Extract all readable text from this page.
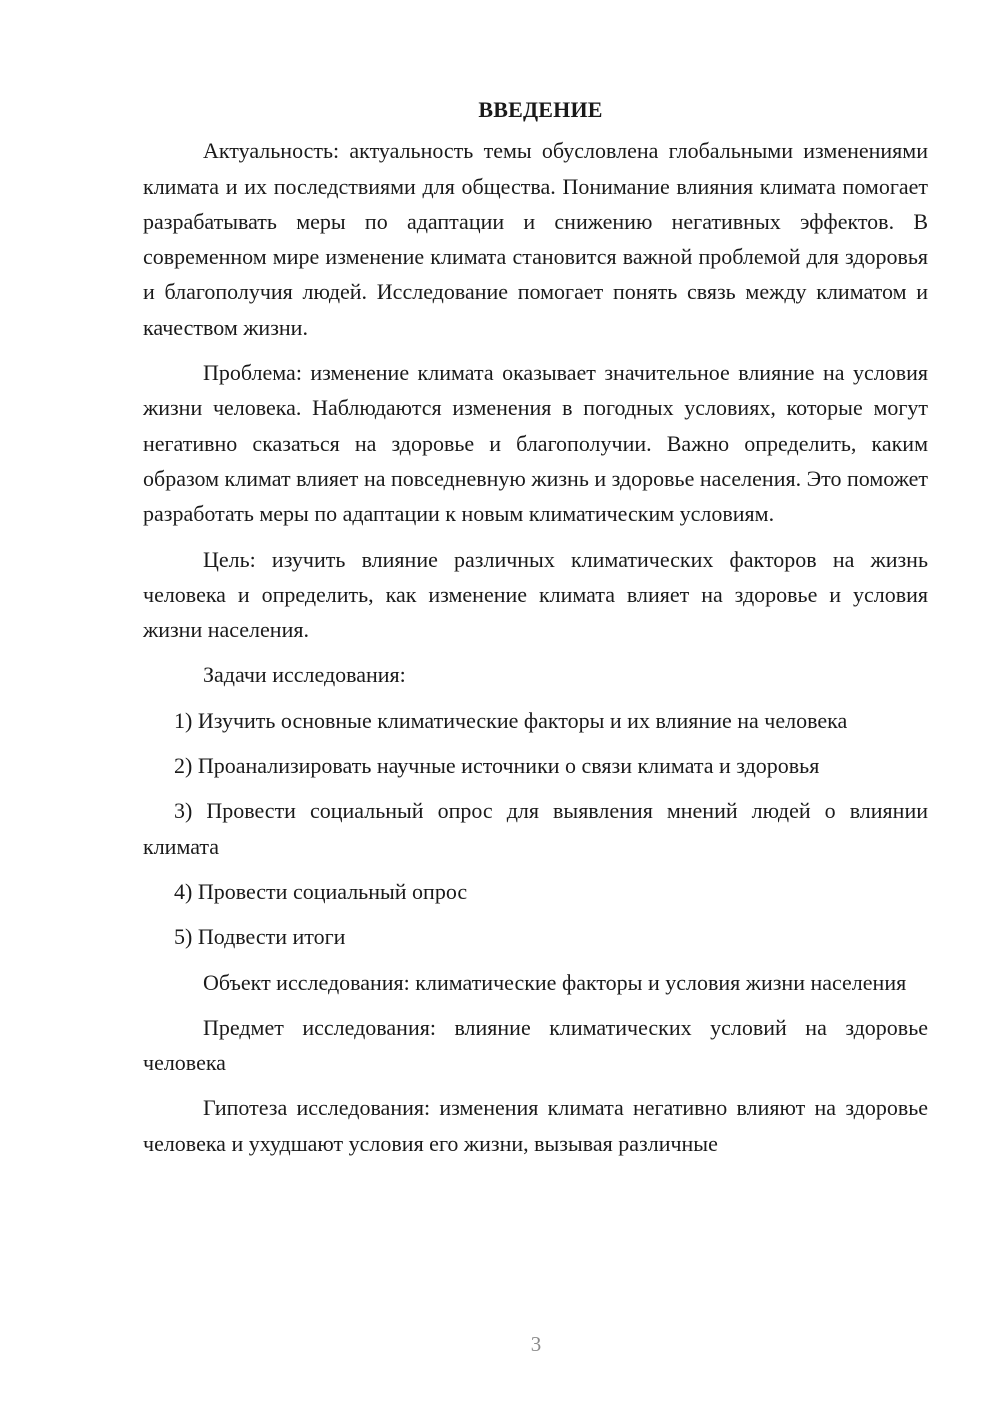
ВВЕДЕНИЕ

Актуальность: актуальность темы обусловлена глобальными изменениями климата и их последствиями для общества. Понимание влияния климата помогает разрабатывать меры по адаптации и снижению негативных эффектов. В современном мире изменение климата становится важной проблемой для здоровья и благополучия людей. Исследование помогает понять связь между климатом и качеством жизни.

Проблема: изменение климата оказывает значительное влияние на условия жизни человека. Наблюдаются изменения в погодных условиях, которые могут негативно сказаться на здоровье и благополучии. Важно определить, каким образом климат влияет на повседневную жизнь и здоровье населения. Это поможет разработать меры по адаптации к новым климатическим условиям.

Цель: изучить влияние различных климатических факторов на жизнь человека и определить, как изменение климата влияет на здоровье и условия жизни населения.

Задачи исследования:

1) Изучить основные климатические факторы и их влияние на человека

2) Проанализировать научные источники о связи климата и здоровья

3) Провести социальный опрос для выявления мнений людей о влиянии климата

4) Провести социальный опрос

5) Подвести итоги

Объект исследования: климатические факторы и условия жизни населения

Предмет исследования: влияние климатических условий на здоровье человека

Гипотеза исследования: изменения климата негативно влияют на здоровье человека и ухудшают условия его жизни, вызывая различные

3
